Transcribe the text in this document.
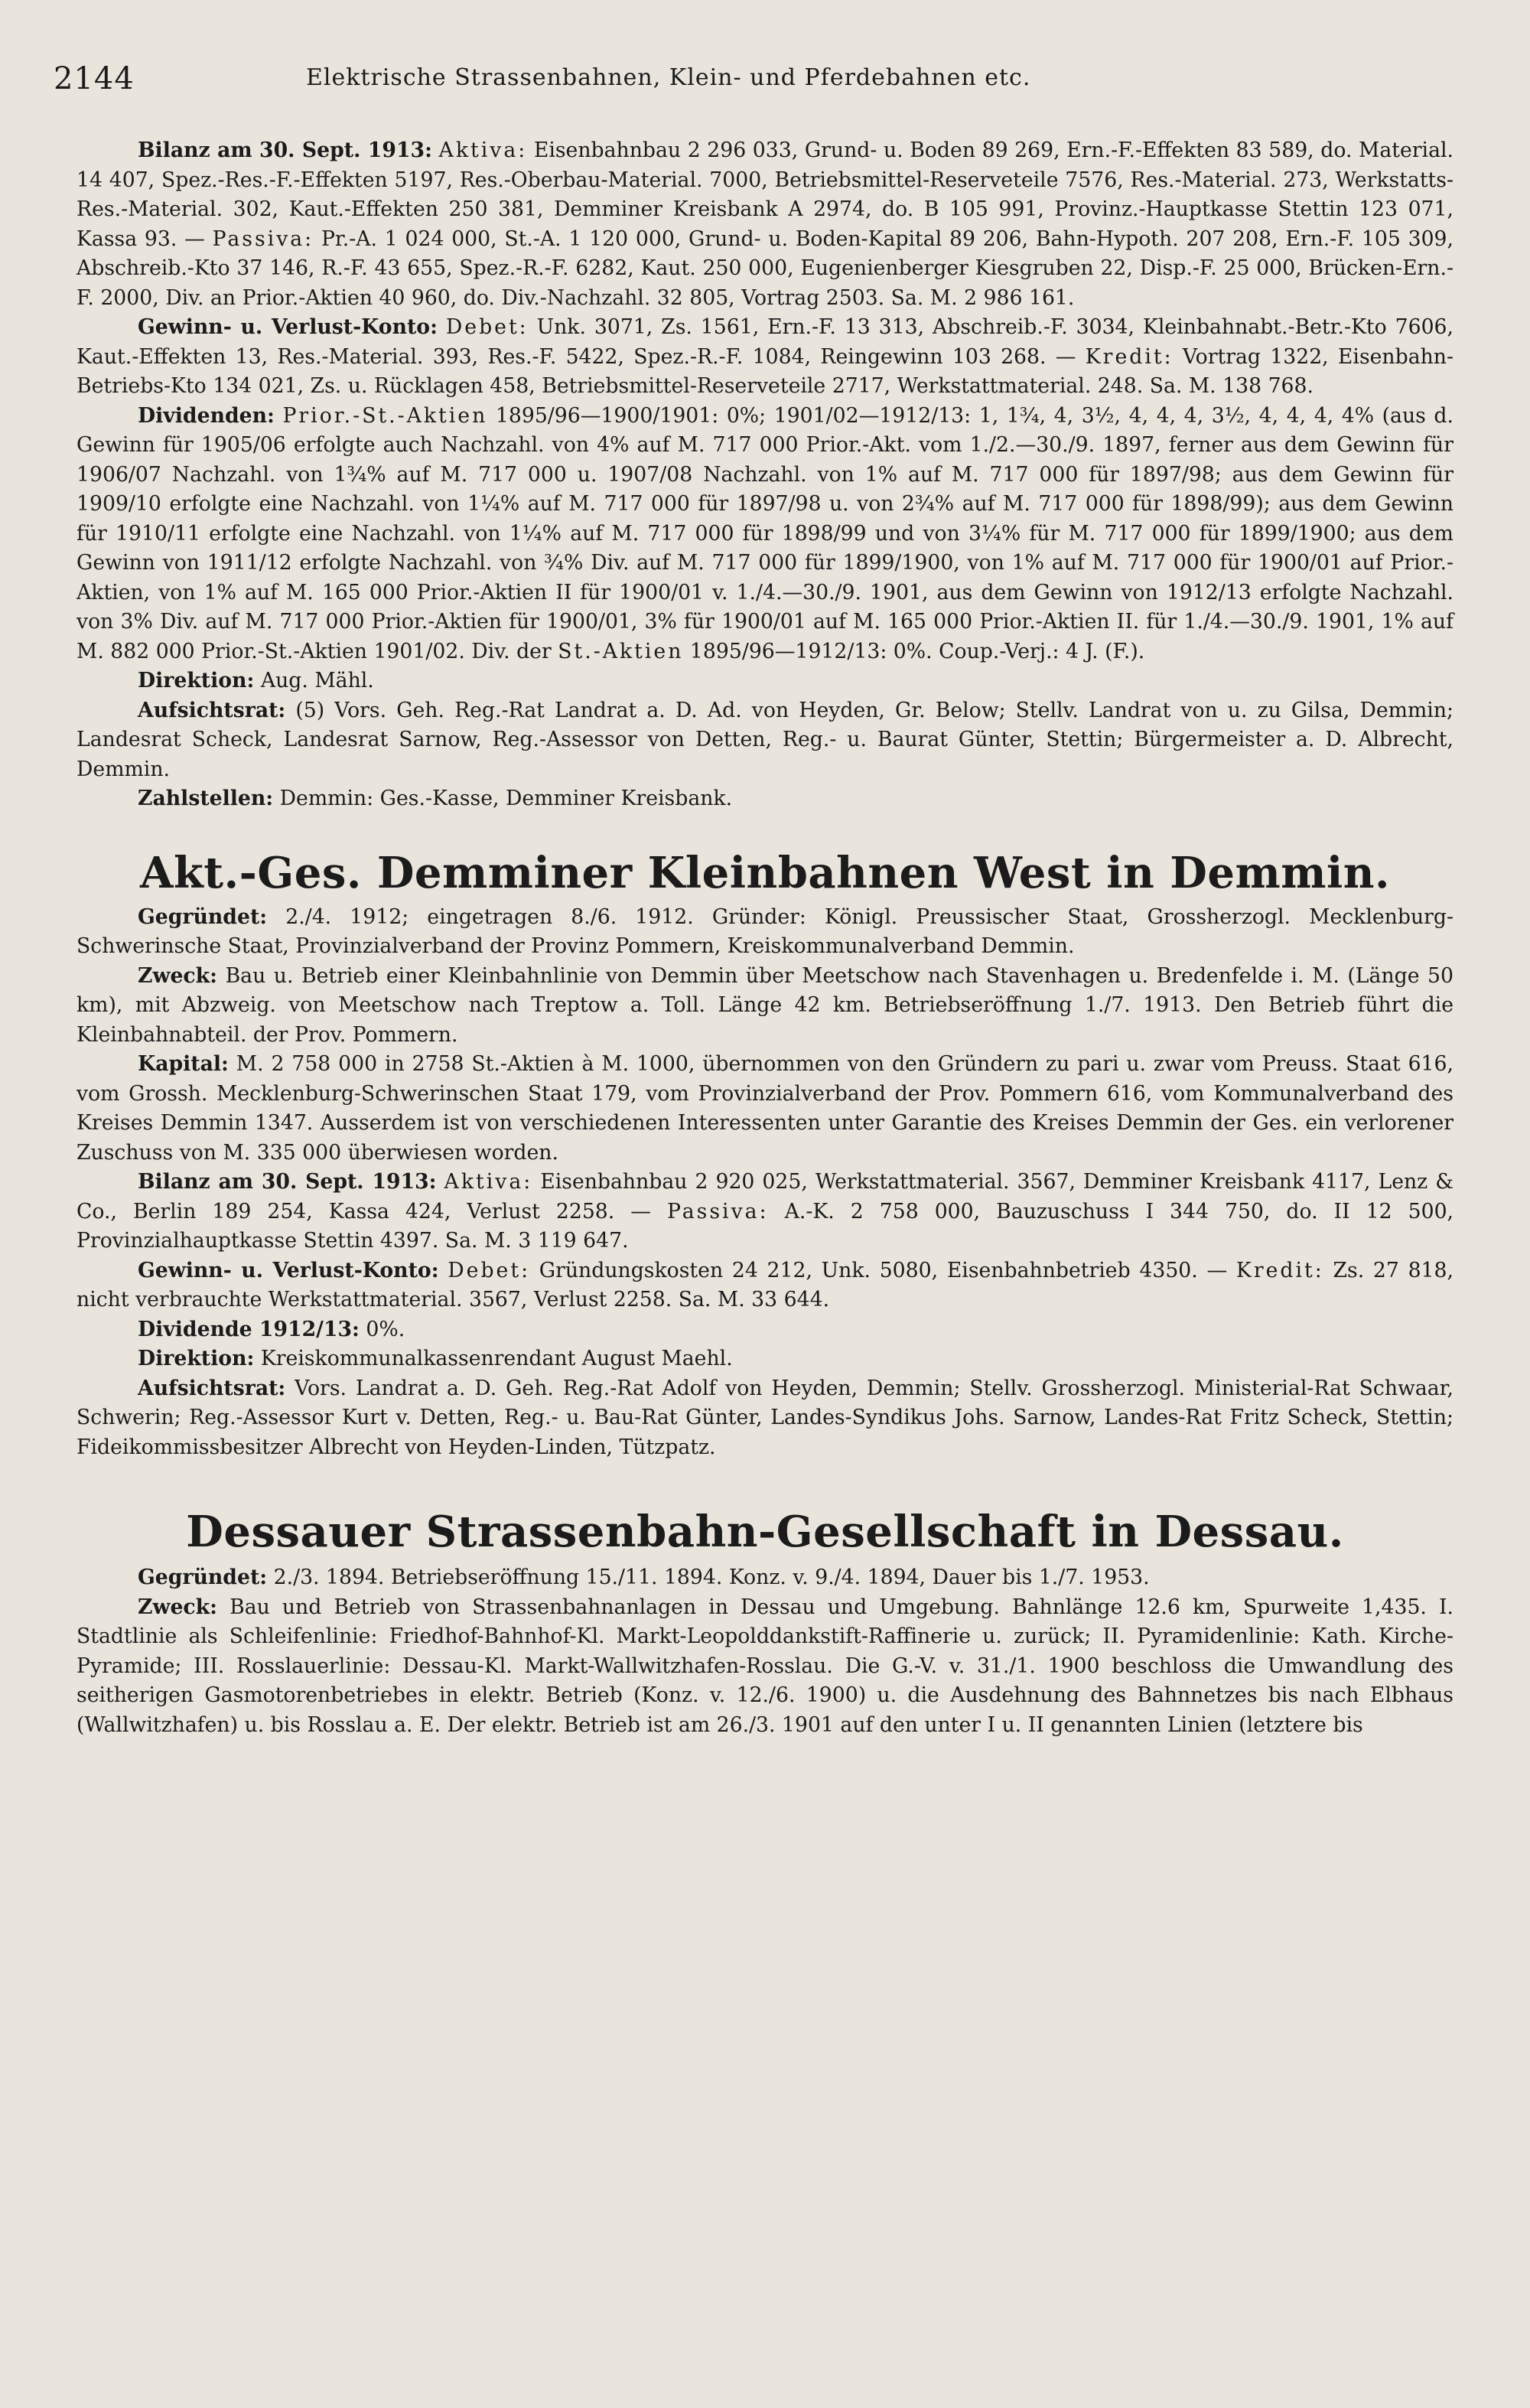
2144	Elektrische Strassenbahnen, Klein- und Pferdebahnen etc.

Bilanz am 30. Sept. 1913: Aktiva: Eisenbahnbau 2 296 033, Grund- u. Boden 89 269, Ern.-F.-Effekten 83 589, do. Material. 14 407, Spez.-Res.-F.-Effekten 5197, Res.-Oberbau-Material. 7000, Betriebsmittel-Reserveteile 7576, Res.-Material. 273, Werkstatts-Res.-Material. 302, Kaut.-Effekten 250 381, Demminer Kreisbank A 2974, do. B 105 991, Provinz.-Hauptkasse Stettin 123 071, Kassa 93. — Passiva: Pr.-A. 1 024 000, St.-A. 1 120 000, Grund- u. Boden-Kapital 89 206, Bahn-Hypoth. 207 208, Ern.-F. 105 309, Abschreib.-Kto 37 146, R.-F. 43 655, Spez.-R.-F. 6282, Kaut. 250 000, Eugenienberger Kiesgruben 22, Disp.-F. 25 000, Brücken-Ern.-F. 2000, Div. an Prior.-Aktien 40 960, do. Div.-Nachzahl. 32 805, Vortrag 2503. Sa. M. 2 986 161.

Gewinn- u. Verlust-Konto: Debet: Unk. 3071, Zs. 1561, Ern.-F. 13 313, Abschreib.-F. 3034, Kleinbahnabt.-Betr.-Kto 7606, Kaut.-Effekten 13, Res.-Material. 393, Res.-F. 5422, Spez.-R.-F. 1084, Reingewinn 103 268. — Kredit: Vortrag 1322, Eisenbahn-Betriebs-Kto 134 021, Zs. u. Rücklagen 458, Betriebsmittel-Reserveteile 2717, Werkstattmaterial. 248. Sa. M. 138 768.

Dividenden: Prior.-St.-Aktien 1895/96—1900/1901: 0%; 1901/02—1912/13: 1, 1¾, 4, 3½, 4, 4, 4, 3½, 4, 4, 4, 4% (aus d. Gewinn für 1905/06 erfolgte auch Nachzahl. von 4% auf M. 717 000 Prior.-Akt. vom 1./2.—30./9. 1897, ferner aus dem Gewinn für 1906/07 Nachzahl. von 1¾% auf M. 717 000 u. 1907/08 Nachzahl. von 1% auf M. 717 000 für 1897/98; aus dem Gewinn für 1909/10 erfolgte eine Nachzahl. von 1¼% auf M. 717 000 für 1897/98 u. von 2¾% auf M. 717 000 für 1898/99); aus dem Gewinn für 1910/11 erfolgte eine Nachzahl. von 1¼% auf M. 717 000 für 1898/99 und von 3¼% für M. 717 000 für 1899/1900; aus dem Gewinn von 1911/12 erfolgte Nachzahl. von ¾% Div. auf M. 717 000 für 1899/1900, von 1% auf M. 717 000 für 1900/01 auf Prior.-Aktien, von 1% auf M. 165 000 Prior.-Aktien II für 1900/01 v. 1./4.—30./9. 1901, aus dem Gewinn von 1912/13 erfolgte Nachzahl. von 3% Div. auf M. 717 000 Prior.-Aktien für 1900/01, 3% für 1900/01 auf M. 165 000 Prior.-Aktien II. für 1./4.—30./9. 1901, 1% auf M. 882 000 Prior.-St.-Aktien 1901/02. Div. der St.-Aktien 1895/96—1912/13: 0%. Coup.-Verj.: 4 J. (F.).

Direktion: Aug. Mähl.

Aufsichtsrat: (5) Vors. Geh. Reg.-Rat Landrat a. D. Ad. von Heyden, Gr. Below; Stellv. Landrat von u. zu Gilsa, Demmin; Landesrat Scheck, Landesrat Sarnow, Reg.-Assessor von Detten, Reg.- u. Baurat Günter, Stettin; Bürgermeister a. D. Albrecht, Demmin.

Zahlstellen: Demmin: Ges.-Kasse, Demminer Kreisbank.

Akt.-Ges. Demminer Kleinbahnen West in Demmin.

Gegründet: 2./4. 1912; eingetragen 8./6. 1912. Gründer: Königl. Preussischer Staat, Grossherzogl. Mecklenburg-Schwerinsche Staat, Provinzialverband der Provinz Pommern, Kreiskommunalverband Demmin.

Zweck: Bau u. Betrieb einer Kleinbahnlinie von Demmin über Meetschow nach Stavenhagen u. Bredenfelde i. M. (Länge 50 km), mit Abzweig. von Meetschow nach Treptow a. Toll. Länge 42 km. Betriebseröffnung 1./7. 1913. Den Betrieb führt die Kleinbahnabteil. der Prov. Pommern.

Kapital: M. 2 758 000 in 2758 St.-Aktien à M. 1000, übernommen von den Gründern zu pari u. zwar vom Preuss. Staat 616, vom Grossh. Mecklenburg-Schwerinschen Staat 179, vom Provinzialverband der Prov. Pommern 616, vom Kommunalverband des Kreises Demmin 1347. Ausserdem ist von verschiedenen Interessenten unter Garantie des Kreises Demmin der Ges. ein verlorener Zuschuss von M. 335 000 überwiesen worden.

Bilanz am 30. Sept. 1913: Aktiva: Eisenbahnbau 2 920 025, Werkstattmaterial. 3567, Demminer Kreisbank 4117, Lenz & Co., Berlin 189 254, Kassa 424, Verlust 2258. — Passiva: A.-K. 2 758 000, Bauzuschuss I 344 750, do. II 12 500, Provinzialhauptkasse Stettin 4397. Sa. M. 3 119 647.

Gewinn- u. Verlust-Konto: Debet: Gründungskosten 24 212, Unk. 5080, Eisenbahnbetrieb 4350. — Kredit: Zs. 27 818, nicht verbrauchte Werkstattmaterial. 3567, Verlust 2258. Sa. M. 33 644.

Dividende 1912/13: 0%.

Direktion: Kreiskommunalkassenrendant August Maehl.

Aufsichtsrat: Vors. Landrat a. D. Geh. Reg.-Rat Adolf von Heyden, Demmin; Stellv. Grossherzogl. Ministerial-Rat Schwaar, Schwerin; Reg.-Assessor Kurt v. Detten, Reg.- u. Bau-Rat Günter, Landes-Syndikus Johs. Sarnow, Landes-Rat Fritz Scheck, Stettin; Fideikommissbesitzer Albrecht von Heyden-Linden, Tützpatz.

Dessauer Strassenbahn-Gesellschaft in Dessau.

Gegründet: 2./3. 1894. Betriebseröffnung 15./11. 1894. Konz. v. 9./4. 1894, Dauer bis 1./7. 1953.

Zweck: Bau und Betrieb von Strassenbahnanlagen in Dessau und Umgebung. Bahnlänge 12.6 km, Spurweite 1,435. I. Stadtlinie als Schleifenlinie: Friedhof-Bahnhof-Kl. Markt-Leopolddankstift-Raffinerie u. zurück; II. Pyramidenlinie: Kath. Kirche-Pyramide; III. Rosslauerlinie: Dessau-Kl. Markt-Wallwitzhafen-Rosslau. Die G.-V. v. 31./1. 1900 beschloss die Umwandlung des seitherigen Gasmotorenbetriebes in elektr. Betrieb (Konz. v. 12./6. 1900) u. die Ausdehnung des Bahnnetzes bis nach Elbhaus (Wallwitzhafen) u. bis Rosslau a. E. Der elektr. Betrieb ist am 26./3. 1901 auf den unter I u. II genannten Linien (letztere bis
